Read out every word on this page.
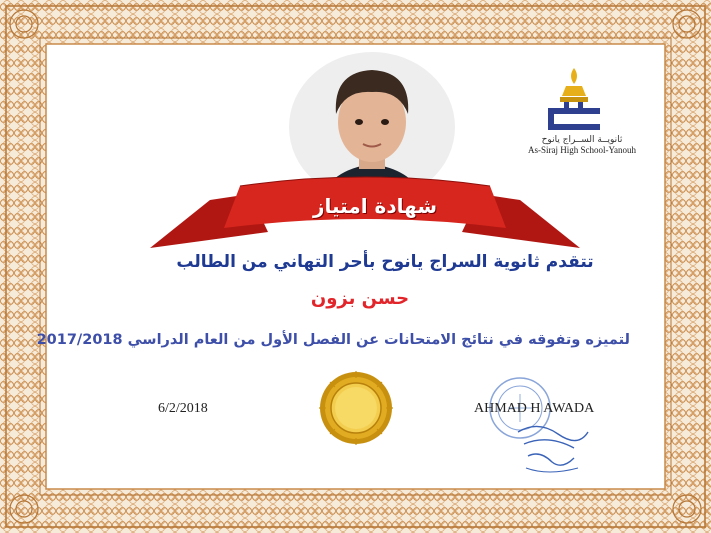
شهادة امتياز
ثانويــة الســراج يانوح
As-Siraj High School-Yanouh
تتقدم ثانوية السراج يانوح بأحر التهاني من الطالب
حسن بزون
لتميزه وتفوقه في نتائج الامتحانات عن الفصل الأول من العام الدراسي 2017/2018
6/2/2018	AHMAD H AWADA
